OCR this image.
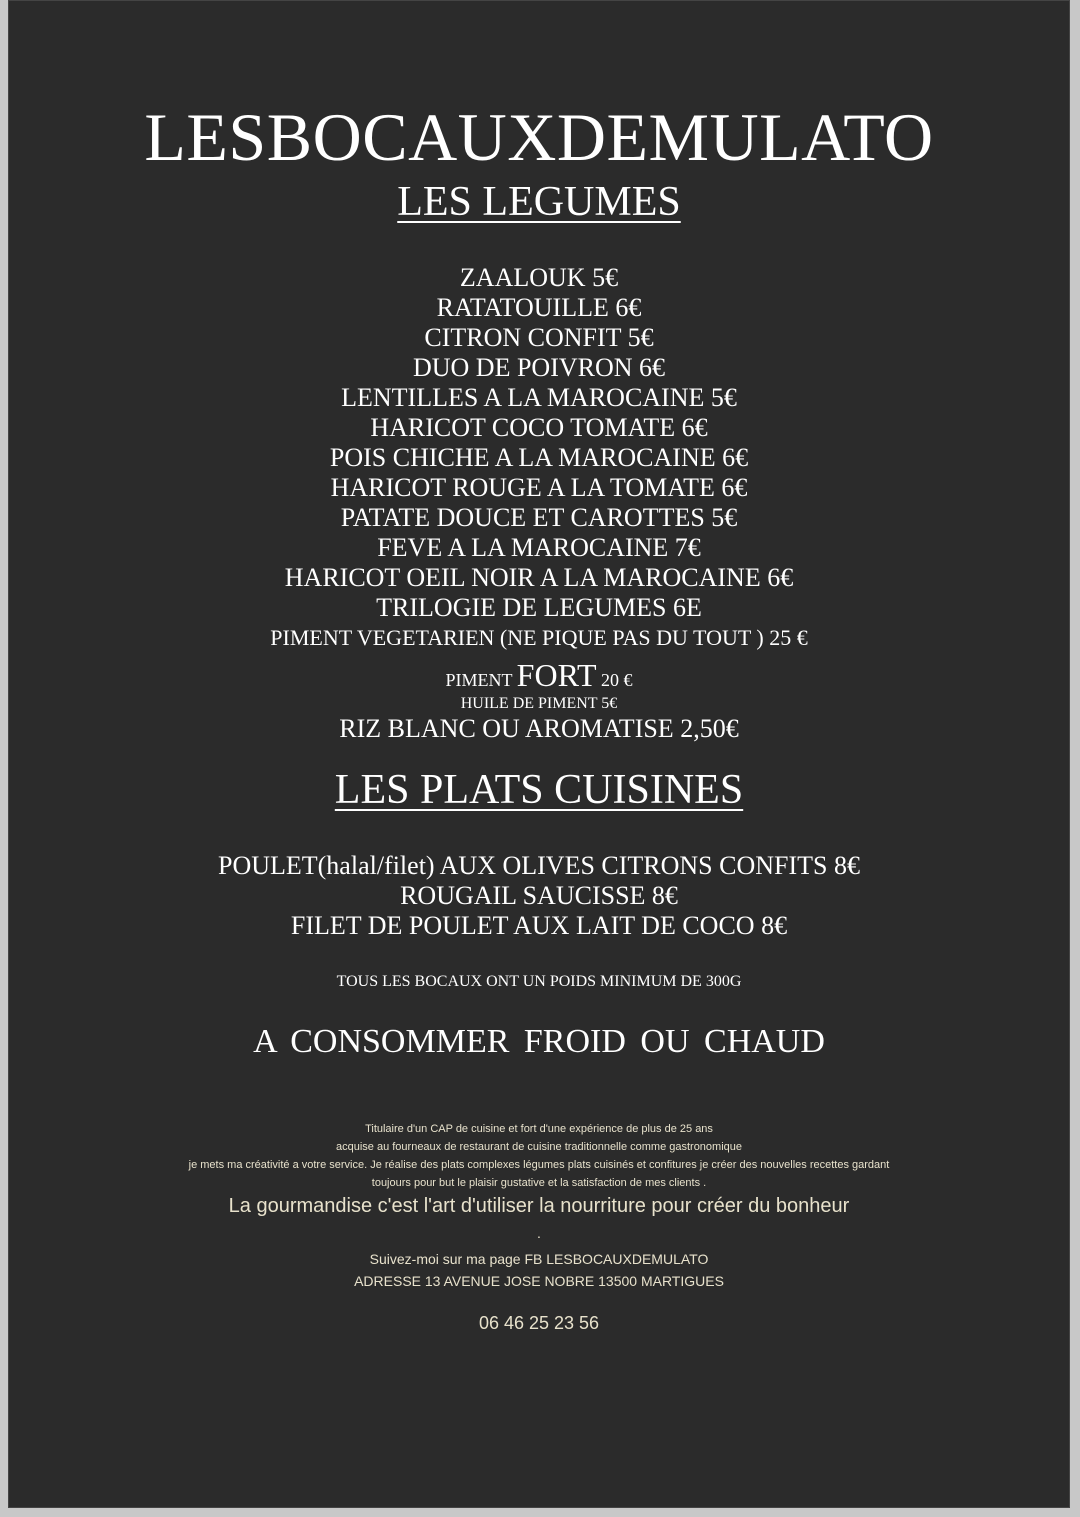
LESBOCAUXDEMULATO
LES LEGUMES
ZAALOUK 5€
RATATOUILLE 6€
CITRON CONFIT 5€
DUO DE POIVRON 6€
LENTILLES A LA MAROCAINE 5€
HARICOT COCO TOMATE 6€
POIS CHICHE A LA MAROCAINE 6€
HARICOT ROUGE A LA TOMATE 6€
PATATE DOUCE ET CAROTTES 5€
FEVE A LA MAROCAINE 7€
HARICOT OEIL NOIR A LA MAROCAINE 6€
TRILOGIE DE LEGUMES 6E
PIMENT VEGETARIEN (NE PIQUE PAS DU TOUT ) 25 €
PIMENT FORT 20 €
HUILE DE PIMENT 5€
RIZ BLANC OU AROMATISE 2,50€
LES PLATS CUISINES
POULET(halal/filet) AUX OLIVES CITRONS CONFITS 8€
ROUGAIL SAUCISSE 8€
FILET DE POULET AUX LAIT DE COCO 8€
TOUS LES BOCAUX ONT UN POIDS MINIMUM DE 300G
A CONSOMMER FROID OU CHAUD
Titulaire d'un CAP de cuisine et fort d'une expérience de plus de 25 ans
acquise au fourneaux de restaurant de cuisine traditionnelle comme gastronomique
je mets ma créativité a votre service. Je réalise des plats complexes légumes plats cuisinés et confitures je créer des nouvelles recettes gardant
toujours pour but le plaisir gustative et la satisfaction de mes clients .
La gourmandise c'est l'art d'utiliser la nourriture pour créer du bonheur
.
Suivez-moi sur ma page FB LESBOCAUXDEMULATO
ADRESSE 13 AVENUE JOSE NOBRE 13500 MARTIGUES
06 46 25 23 56
